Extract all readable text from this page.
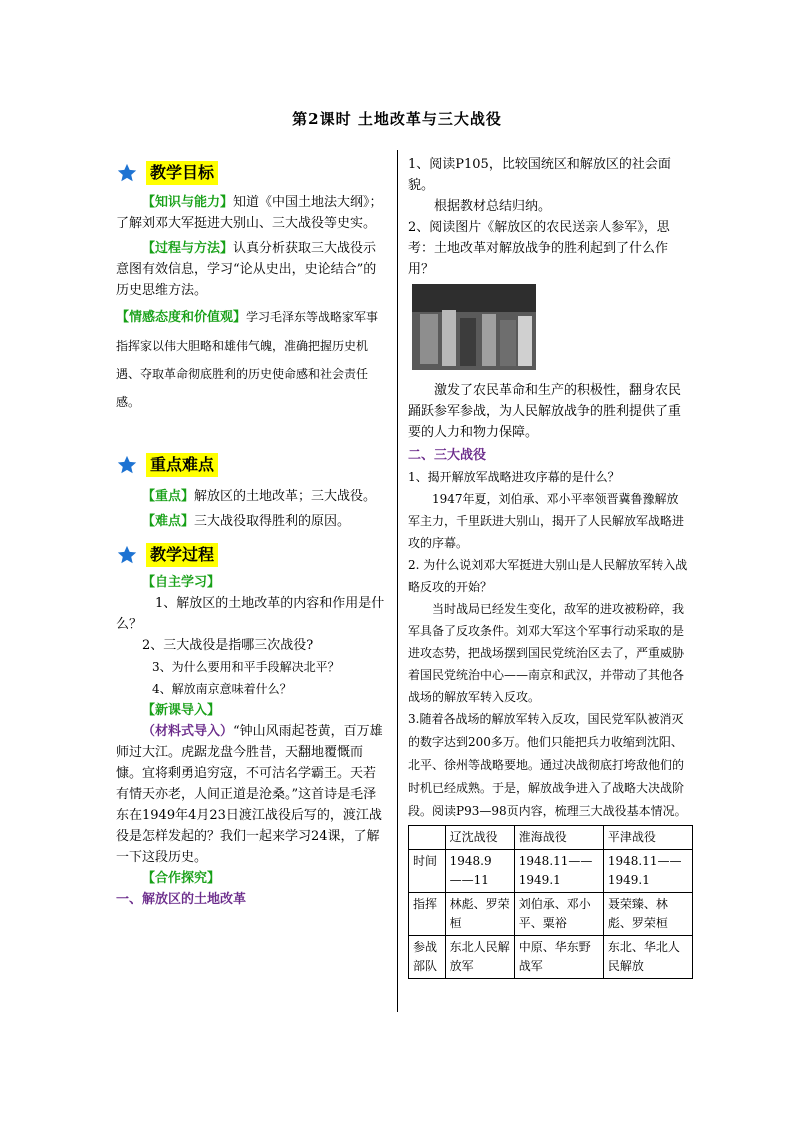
第2课时 土地改革与三大战役
教学目标

【知识与能力】知道《中国土地法大纲》；了解刘邓大军挺进大别山、三大战役等史实。

【过程与方法】认真分析获取三大战役示意图有效信息，学习“论从史出，史论结合”的历史思维方法。

【情感态度和价值观】学习毛泽东等战略家军事指挥家以伟大胆略和雄伟气魄，准确把握历史机遇、夺取革命彻底胜利的历史使命感和社会责任感。

重点难点

【重点】解放区的土地改革；三大战役。

【难点】三大战役取得胜利的原因。

教学过程

【自主学习】

1、解放区的土地改革的内容和作用是什么？

2、三大战役是指哪三次战役?

3、为什么要用和平手段解决北平？

4、解放南京意味着什么？

【新课导入】

（材料式导入）“钟山风雨起苍黄，百万雄师过大江。虎踞龙盘今胜昔，天翻地覆慨而慷。宜将剩勇追穷寇，不可沽名学霸王。天若有情天亦老，人间正道是沧桑。”这首诗是毛泽东在1949年4月23日渡江战役后写的，渡江战役是怎样发起的？我们一起来学习24课，了解一下这段历史。

【合作探究】

一、解放区的土地改革

1、阅读P105，比较国统区和解放区的社会面貌。

根据教材总结归纳。

2、阅读图片《解放区的农民送亲人参军》，思考：土地改革对解放战争的胜利起到了什么作用？

激发了农民革命和生产的积极性，翻身农民踊跃参军参战，为人民解放战争的胜利提供了重要的人力和物力保障。

二、三大战役

1、揭开解放军战略进攻序幕的是什么？

1947年夏，刘伯承、邓小平率领晋冀鲁豫解放军主力，千里跃进大别山，揭开了人民解放军战略进攻的序幕。

2. 为什么说刘邓大军挺进大别山是人民解放军转入战略反攻的开始？

当时战局已经发生变化，敌军的进攻被粉碎，我军具备了反攻条件。刘邓大军这个军事行动采取的是进攻态势，把战场摆到国民党统治区去了，严重威胁着国民党统治中心——南京和武汉，并带动了其他各战场的解放军转入反攻。

3.随着各战场的解放军转入反攻，国民党军队被消灭的数字达到200多万。他们只能把兵力收缩到沈阳、北平、徐州等战略要地。通过决战彻底打垮敌他们的时机已经成熟。于是，解放战争进入了战略大决战阶段。阅读P93—98页内容，梳理三大战役基本情况。

	辽沈战役	淮海战役	平津战役
时间	1948.9——11	1948.11——1949.1	1948.11——1949.1
指挥	林彪、罗荣桓	刘伯承、邓小平、粟裕	聂荣臻、林彪、罗荣桓
参战部队	东北人民解放军	中原、华东野战军	东北、华北人民解放
